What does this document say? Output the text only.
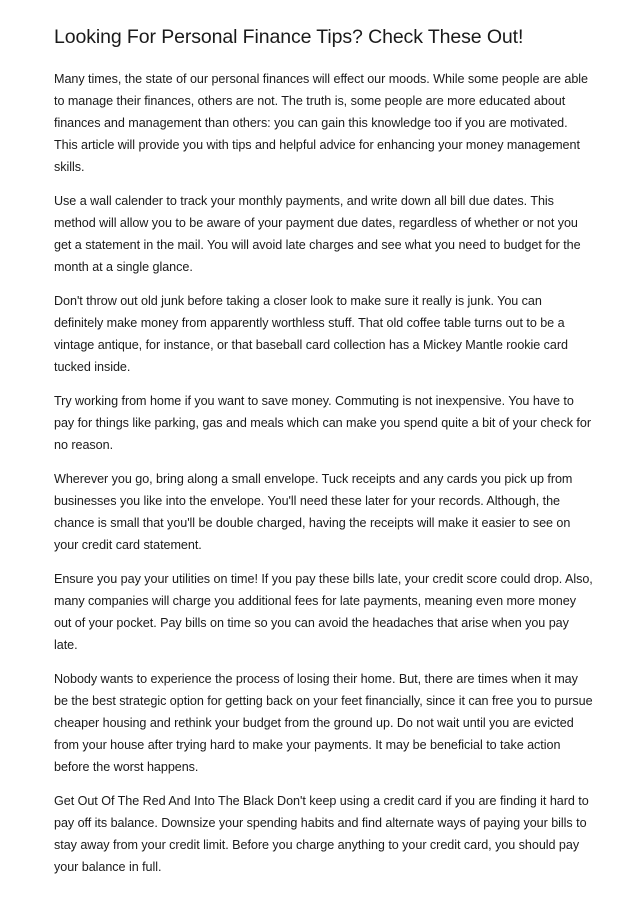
Looking For Personal Finance Tips? Check These Out!

Many times, the state of our personal finances will effect our moods. While some people are able to manage their finances, others are not. The truth is, some people are more educated about finances and management than others: you can gain this knowledge too if you are motivated. This article will provide you with tips and helpful advice for enhancing your money management skills.

Use a wall calender to track your monthly payments, and write down all bill due dates. This method will allow you to be aware of your payment due dates, regardless of whether or not you get a statement in the mail. You will avoid late charges and see what you need to budget for the month at a single glance.

Don't throw out old junk before taking a closer look to make sure it really is junk. You can definitely make money from apparently worthless stuff. That old coffee table turns out to be a vintage antique, for instance, or that baseball card collection has a Mickey Mantle rookie card tucked inside.

Try working from home if you want to save money. Commuting is not inexpensive. You have to pay for things like parking, gas and meals which can make you spend quite a bit of your check for no reason.

Wherever you go, bring along a small envelope. Tuck receipts and any cards you pick up from businesses you like into the envelope. You'll need these later for your records. Although, the chance is small that you'll be double charged, having the receipts will make it easier to see on your credit card statement.

Ensure you pay your utilities on time! If you pay these bills late, your credit score could drop. Also, many companies will charge you additional fees for late payments, meaning even more money out of your pocket. Pay bills on time so you can avoid the headaches that arise when you pay late.

Nobody wants to experience the process of losing their home. But, there are times when it may be the best strategic option for getting back on your feet financially, since it can free you to pursue cheaper housing and rethink your budget from the ground up. Do not wait until you are evicted from your house after trying hard to make your payments. It may be beneficial to take action before the worst happens.

Get Out Of The Red And Into The Black Don't keep using a credit card if you are finding it hard to pay off its balance. Downsize your spending habits and find alternate ways of paying your bills to stay away from your credit limit. Before you charge anything to your credit card, you should pay your balance in full.
